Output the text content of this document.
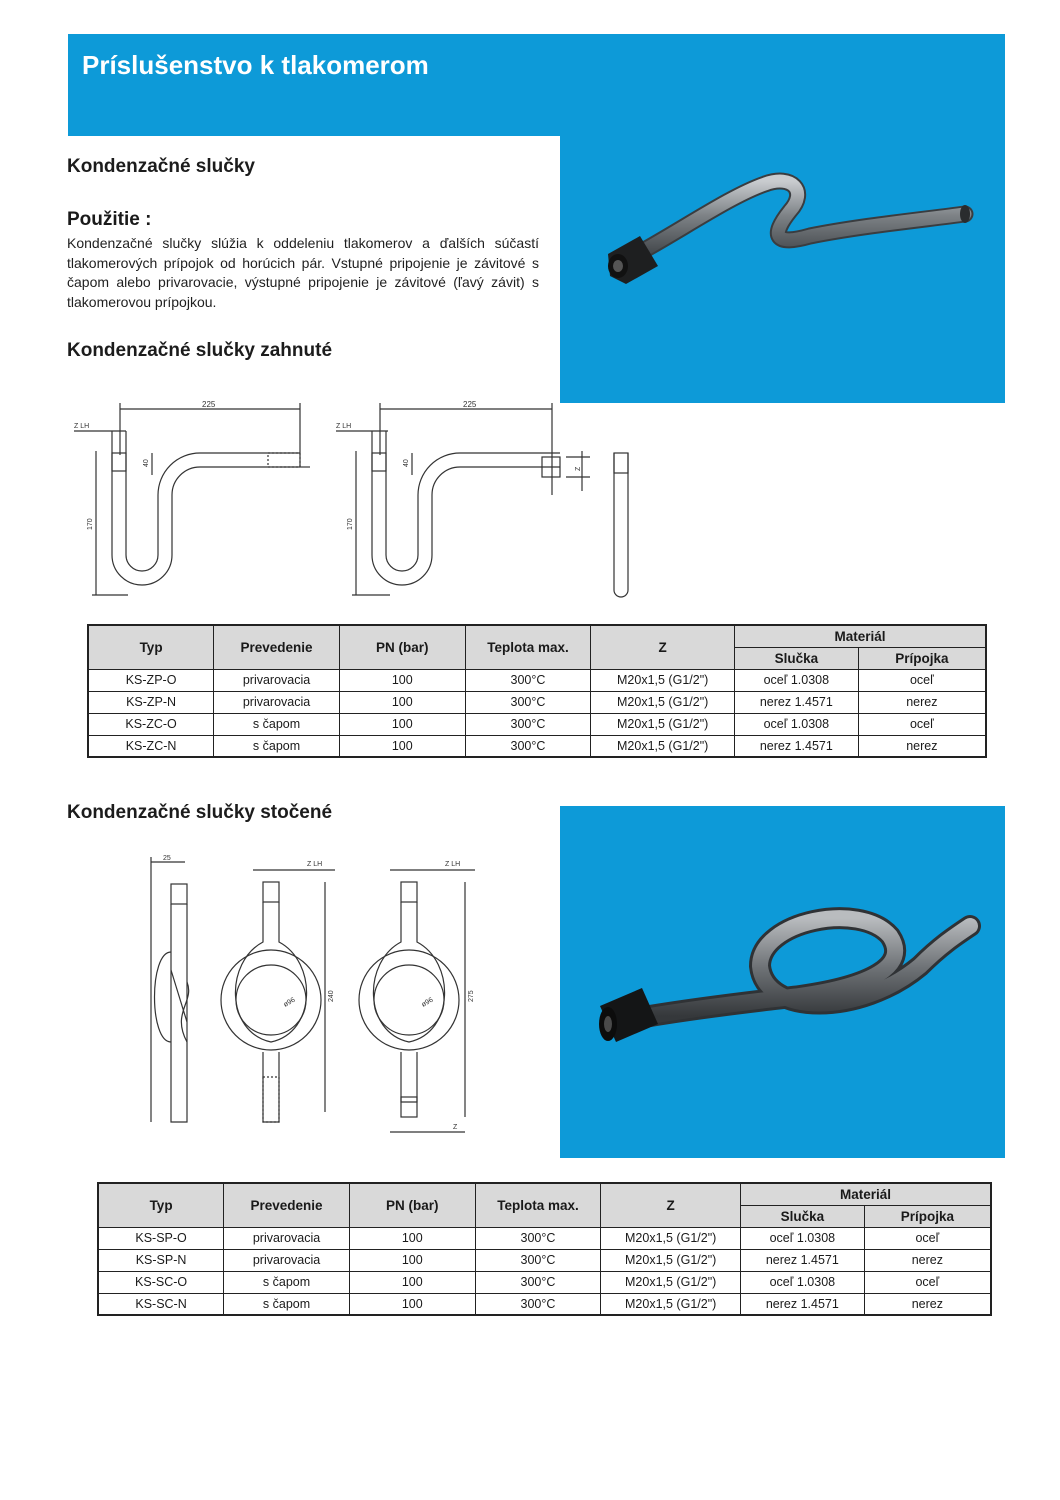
Príslušenstvo k tlakomerom
Kondenzačné slučky
Použitie :
Kondenzačné slučky slúžia k oddeleniu tlakomerov a ďalších súčastí tlakomerových prípojok od horúcich pár. Vstupné pripojenie je závitové s čapom alebo privarovacie, výstupné pripojenie je závitové (ľavý závit) s tlakomerovou prípojkou.
Kondenzačné slučky zahnuté
225
Z LH
170
40
225
Z LH
170
40
Z
Typ	Prevedenie	PN (bar)	Teplota max.	Z	Materiál	
					Slučka	Prípojka
KS-ZP-O	privarovacia	100	300°C	M20x1,5 (G1/2")	oceľ 1.0308	oceľ
KS-ZP-N	privarovacia	100	300°C	M20x1,5 (G1/2")	nerez 1.4571	nerez
KS-ZC-O	s čapom	100	300°C	M20x1,5 (G1/2")	oceľ 1.0308	oceľ
KS-ZC-N	s čapom	100	300°C	M20x1,5 (G1/2")	nerez 1.4571	nerez
Kondenzačné slučky stočené
25
Z LH
240
ø96
Z LH
275
ø96
Z
Typ	Prevedenie	PN (bar)	Teplota max.	Z	Materiál	
					Slučka	Prípojka
KS-SP-O	privarovacia	100	300°C	M20x1,5 (G1/2")	oceľ 1.0308	oceľ
KS-SP-N	privarovacia	100	300°C	M20x1,5 (G1/2")	nerez 1.4571	nerez
KS-SC-O	s čapom	100	300°C	M20x1,5 (G1/2")	oceľ 1.0308	oceľ
KS-SC-N	s čapom	100	300°C	M20x1,5 (G1/2")	nerez 1.4571	nerez
